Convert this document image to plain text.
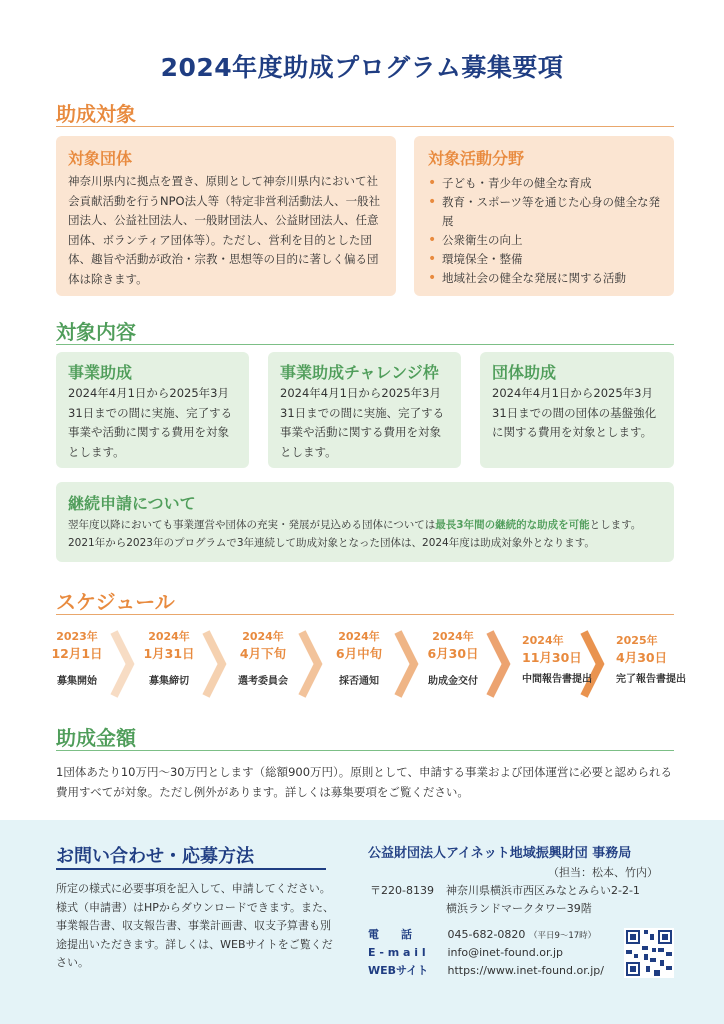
2024年度助成プログラム募集要項
助成対象
対象団体
神奈川県内に拠点を置き、原則として神奈川県内において社会貢献活動を行うNPO法人等（特定非営利活動法人、一般社団法人、公益社団法人、一般財団法人、公益財団法人、任意団体、ボランティア団体等）。ただし、営利を目的とした団体、趣旨や活動が政治・宗教・思想等の目的に著しく偏る団体は除きます。
対象活動分野
• 子ども・青少年の健全な育成
• 教育・スポーツ等を通じた心身の健全な発展
• 公衆衛生の向上
• 環境保全・整備
• 地域社会の健全な発展に関する活動
対象内容
事業助成
2024年4月1日から2025年3月31日までの間に実施、完了する事業や活動に関する費用を対象とします。
事業助成チャレンジ枠
2024年4月1日から2025年3月31日までの間に実施、完了する事業や活動に関する費用を対象とします。
団体助成
2024年4月1日から2025年3月31日までの間の団体の基盤強化に関する費用を対象とします。
継続申請について
翌年度以降においても事業運営や団体の充実・発展が見込める団体については最長3年間の継続的な助成を可能とします。2021年から2023年のプログラムで3年連続して助成対象となった団体は、2024年度は助成対象外となります。
スケジュール
2023年
12月1日
募集開始
2024年
1月31日
募集締切
2024年
4月下旬
選考委員会
2024年
6月中旬
採否通知
2024年
6月30日
助成金交付
2024年
11月30日
中間報告書提出
2025年
4月30日
完了報告書提出
助成金額
1団体あたり10万円〜30万円とします（総額900万円）。原則として、申請する事業および団体運営に必要と認められる費用すべてが対象。ただし例外があります。詳しくは募集要項をご覧ください。
お問い合わせ・応募方法
所定の様式に必要事項を記入して、申請してください。様式（申請書）はHPからダウンロードできます。また、事業報告書、収支報告書、事業計画書、収支予算書も別途提出いただきます。詳しくは、WEBサイトをご覧ください。
公益財団法人アイネット地域振興財団 事務局
（担当：松本、竹内）
〒220-8139 神奈川県横浜市西区みなとみらい2-2-1
横浜ランドマークタワー39階
電　　話	045-682-0820 （平日9〜17時）
E - m a i l info@inet-found.or.jp
WEBサイト https://www.inet-found.or.jp/
